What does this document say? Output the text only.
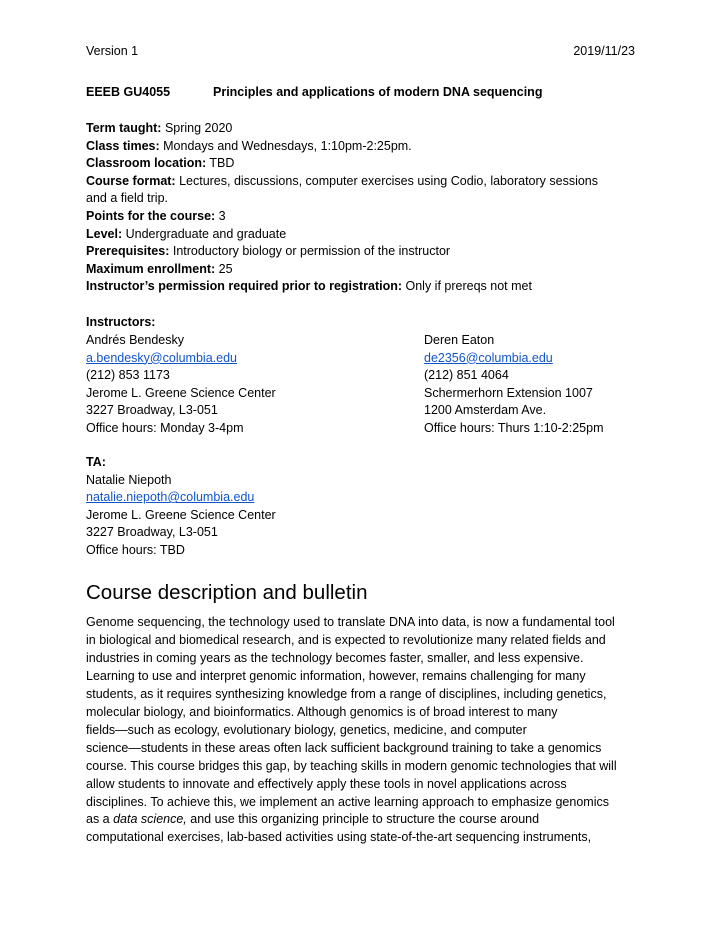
Version 1	2019/11/23
EEEB GU4055	Principles and applications of modern DNA sequencing

Term taught: Spring 2020

Class times: Mondays and Wednesdays, 1:10pm-2:25pm.

Classroom location: TBD

Course format: Lectures, discussions, computer exercises using Codio, laboratory sessions

and a field trip.

Points for the course: 3

Level: Undergraduate and graduate

Prerequisites: Introductory biology or permission of the instructor

Maximum enrollment: 25

Instructor’s permission required prior to registration: Only if prereqs not met

Instructors:

Andrés Bendesky

a.bendesky@columbia.edu

(212) 853 1173

Jerome L. Greene Science Center

3227 Broadway, L3-051

Office hours: Monday 3-4pm

Deren Eaton

de2356@columbia.edu

(212) 851 4064

Schermerhorn Extension 1007

1200 Amsterdam Ave.

Office hours: Thurs 1:10-2:25pm

TA:

Natalie Niepoth

natalie.niepoth@columbia.edu

Jerome L. Greene Science Center

3227 Broadway, L3-051

Office hours: TBD

Course description and bulletin
Genome sequencing, the technology used to translate DNA into data, is now a fundamental tool
in biological and biomedical research, and is expected to revolutionize many related fields and
industries in coming years as the technology becomes faster, smaller, and less expensive.
Learning to use and interpret genomic information, however, remains challenging for many
students, as it requires synthesizing knowledge from a range of disciplines, including genetics,
molecular biology, and bioinformatics. Although genomics is of broad interest to many
fields—such as ecology, evolutionary biology, genetics, medicine, and computer
science—students in these areas often lack sufficient background training to take a genomics
course. This course bridges this gap, by teaching skills in modern genomic technologies that will
allow students to innovate and effectively apply these tools in novel applications across
disciplines. To achieve this, we implement an active learning approach to emphasize genomics
as a data science, and use this organizing principle to structure the course around
computational exercises, lab-based activities using state-of-the-art sequencing instruments,
